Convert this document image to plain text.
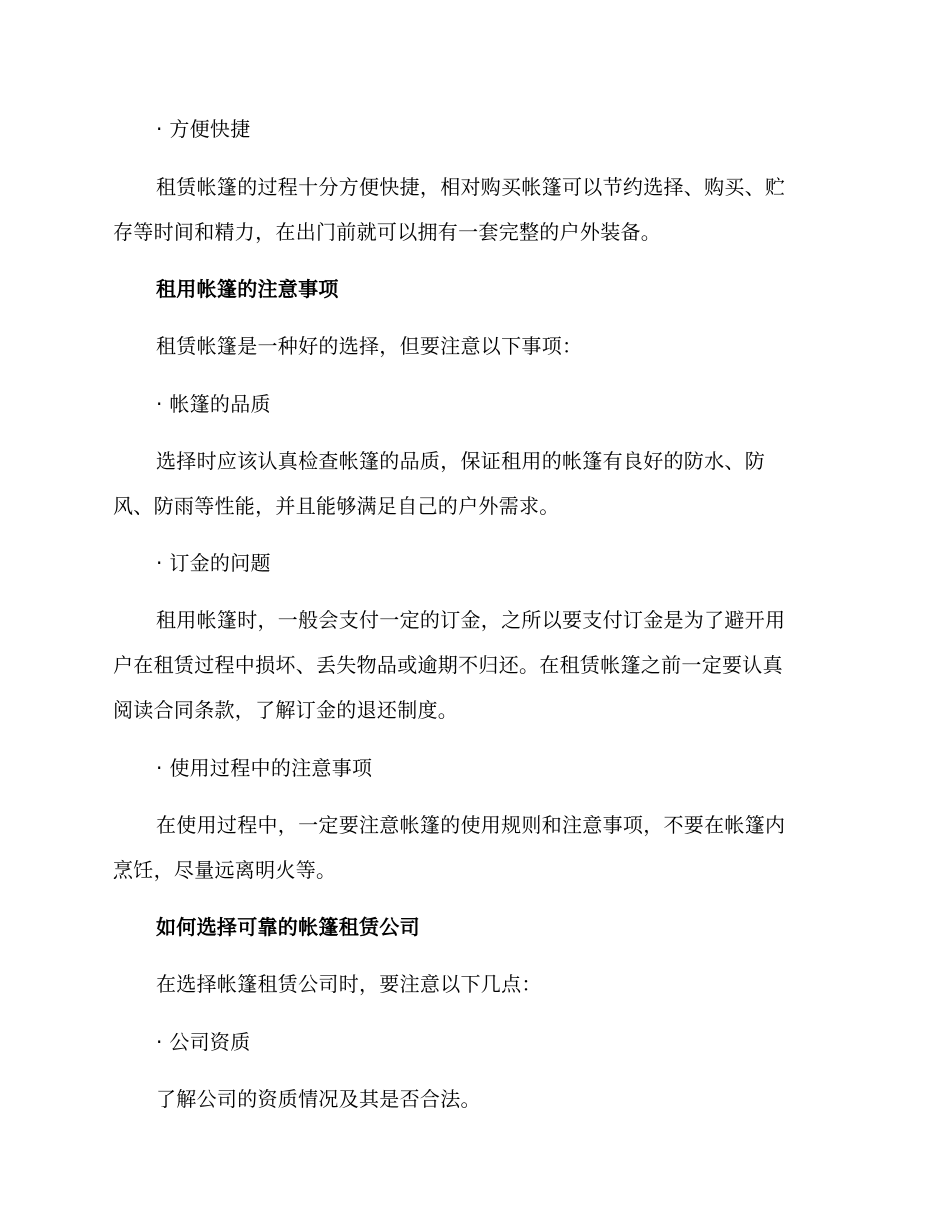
· 方便快捷
租赁帐篷的过程十分方便快捷，相对购买帐篷可以节约选择、购买、贮
存等时间和精力，在出门前就可以拥有一套完整的户外装备。
租用帐篷的注意事项
租赁帐篷是一种好的选择，但要注意以下事项：
· 帐篷的品质
选择时应该认真检查帐篷的品质，保证租用的帐篷有良好的防水、防
风、防雨等性能，并且能够满足自己的户外需求。
· 订金的问题
租用帐篷时，一般会支付一定的订金，之所以要支付订金是为了避开用
户在租赁过程中损坏、丢失物品或逾期不归还。在租赁帐篷之前一定要认真
阅读合同条款，了解订金的退还制度。
· 使用过程中的注意事项
在使用过程中，一定要注意帐篷的使用规则和注意事项，不要在帐篷内
烹饪，尽量远离明火等。
如何选择可靠的帐篷租赁公司
在选择帐篷租赁公司时，要注意以下几点：
· 公司资质
了解公司的资质情况及其是否合法。
